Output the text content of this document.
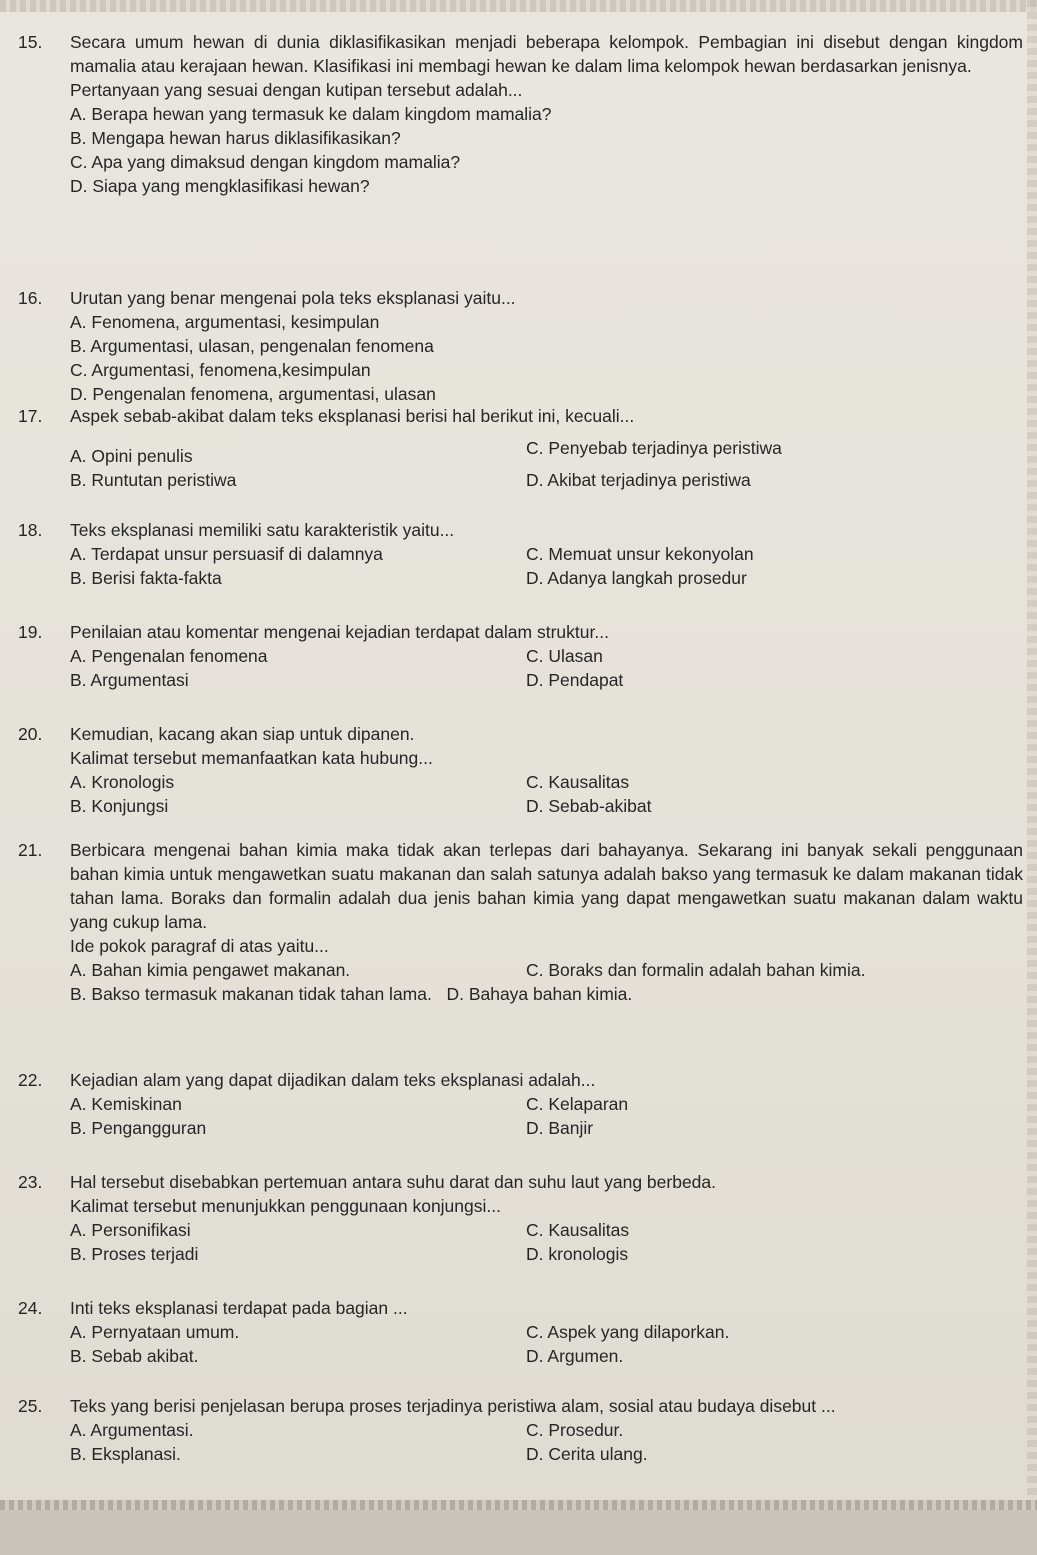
15.	Secara umum hewan di dunia diklasifikasikan menjadi beberapa kelompok. Pembagian ini disebut dengan kingdom mamalia atau kerajaan hewan. Klasifikasi ini membagi hewan ke dalam lima kelompok hewan berdasarkan jenisnya.
Pertanyaan yang sesuai dengan kutipan tersebut adalah...
A. Berapa hewan yang termasuk ke dalam kingdom mamalia?
B. Mengapa hewan harus diklasifikasikan?
C. Apa yang dimaksud dengan kingdom mamalia?
D. Siapa yang mengklasifikasi hewan?
16.	Urutan yang benar mengenai pola teks eksplanasi yaitu...
A. Fenomena, argumentasi, kesimpulan
B. Argumentasi, ulasan, pengenalan fenomena
C. Argumentasi, fenomena,kesimpulan
D. Pengenalan fenomena, argumentasi, ulasan
17.	Aspek sebab-akibat dalam teks eksplanasi berisi hal berikut ini, kecuali...
A. Opini penulis	C. Penyebab terjadinya peristiwa
B. Runtutan peristiwa	D. Akibat terjadinya peristiwa
18.	Teks eksplanasi memiliki satu karakteristik yaitu...
A. Terdapat unsur persuasif di dalamnya	C. Memuat unsur kekonyolan
B. Berisi fakta-fakta	D. Adanya langkah prosedur
19.	Penilaian atau komentar mengenai kejadian terdapat dalam struktur...
A. Pengenalan fenomena	C. Ulasan
B. Argumentasi	D. Pendapat
20.	Kemudian, kacang akan siap untuk dipanen.
Kalimat tersebut memanfaatkan kata hubung...
A. Kronologis	C. Kausalitas
B. Konjungsi	D. Sebab-akibat
21.	Berbicara mengenai bahan kimia maka tidak akan terlepas dari bahayanya. Sekarang ini banyak sekali penggunaan bahan kimia untuk mengawetkan suatu makanan dan salah satunya adalah bakso yang termasuk ke dalam makanan tidak tahan lama. Boraks dan formalin adalah dua jenis bahan kimia yang dapat mengawetkan suatu makanan dalam waktu yang cukup lama.
Ide pokok paragraf di atas yaitu...
A. Bahan kimia pengawet makanan.	C. Boraks dan formalin adalah bahan kimia.
B. Bakso termasuk makanan tidak tahan lama. D. Bahaya bahan kimia.
22.	Kejadian alam yang dapat dijadikan dalam teks eksplanasi adalah...
A. Kemiskinan	C. Kelaparan
B. Pengangguran	D. Banjir
23.	Hal tersebut disebabkan pertemuan antara suhu darat dan suhu laut yang berbeda.
Kalimat tersebut menunjukkan penggunaan konjungsi...
A. Personifikasi	C. Kausalitas
B. Proses terjadi	D. kronologis
24.	Inti teks eksplanasi terdapat pada bagian ...
A. Pernyataan umum.	C. Aspek yang dilaporkan.
B. Sebab akibat.	D. Argumen.
25.	Teks yang berisi penjelasan berupa proses terjadinya peristiwa alam, sosial atau budaya disebut ...
A. Argumentasi.	C. Prosedur.
B. Eksplanasi.	D. Cerita ulang.
